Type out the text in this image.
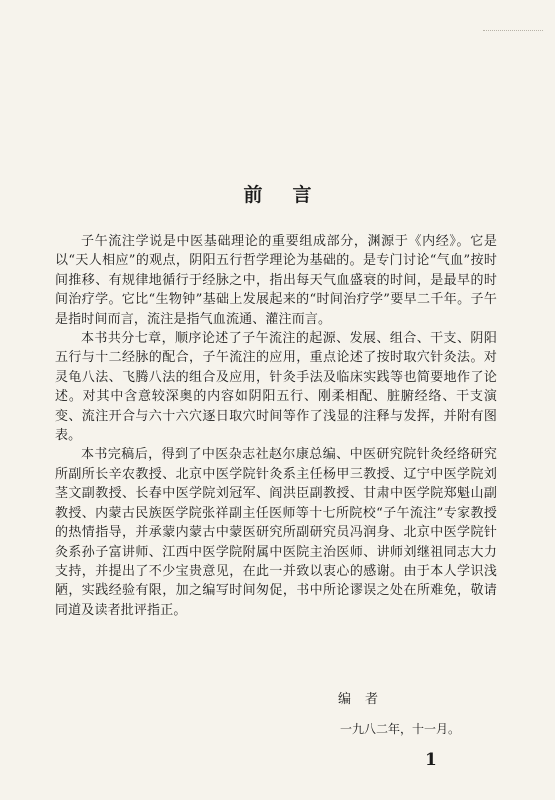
前言

子午流注学说是中医基础理论的重要组成部分，渊源于《内经》。它是以“天人相应”的观点，阴阳五行哲学理论为基础的。是专门讨论“气血”按时间推移、有规律地循行于经脉之中，指出每天气血盛衰的时间，是最早的时间治疗学。它比“生物钟”基础上发展起来的“时间治疗学”要早二千年。子午是指时间而言，流注是指气血流通、灌注而言。

本书共分七章，顺序论述了子午流注的起源、发展、组合、干支、阴阳五行与十二经脉的配合，子午流注的应用，重点论述了按时取穴针灸法。对灵龟八法、飞腾八法的组合及应用，针灸手法及临床实践等也简要地作了论述。对其中含意较深奥的内容如阴阳五行、刚柔相配、脏腑经络、干支演变、流注开合与六十六穴逐日取穴时间等作了浅显的注释与发挥，并附有图表。

本书完稿后，得到了中医杂志社赵尔康总编、中医研究院针灸经络研究所副所长辛农教授、北京中医学院针灸系主任杨甲三教授、辽宁中医学院刘茎文副教授、长春中医学院刘冠军、阎洪臣副教授、甘肃中医学院郑魁山副教授、内蒙古民族医学院张祥副主任医师等十七所院校“子午流注”专家教授的热情指导，并承蒙内蒙古中蒙医研究所副研究员冯润身、北京中医学院针灸系孙子富讲师、江西中医学院附属中医院主治医师、讲师刘继祖同志大力支持，并提出了不少宝贵意见，在此一并致以衷心的感谢。由于本人学识浅陋，实践经验有限，加之编写时间匆促，书中所论谬误之处在所难免，敬请同道及读者批评指正。

编者
一九八二年，十一月。
1
